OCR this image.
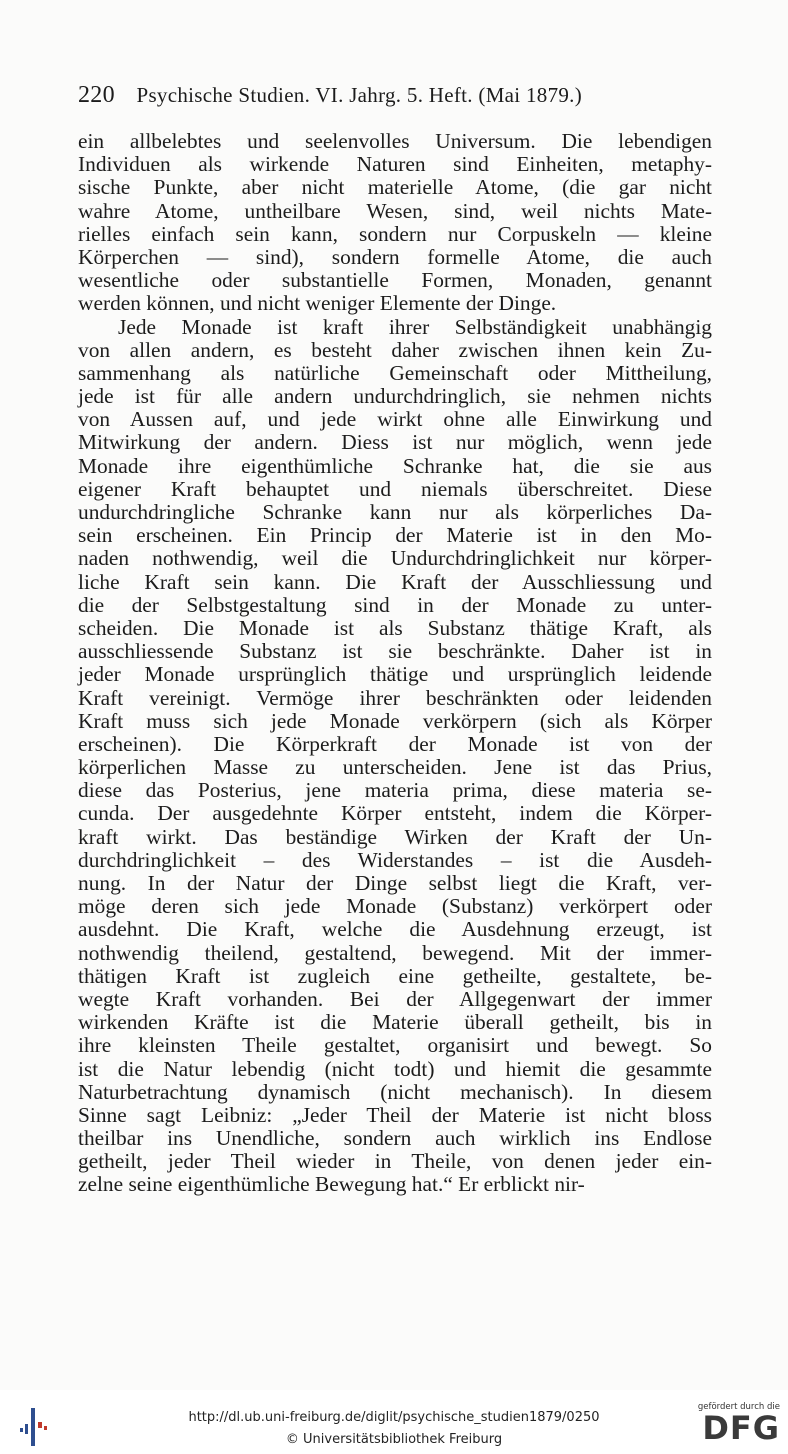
220 Psychische Studien. VI. Jahrg. 5. Heft. (Mai 1879.)
ein allbelebtes und seelenvolles Universum. Die lebendigen
Individuen als wirkende Naturen sind Einheiten, metaphy-
sische Punkte, aber nicht materielle Atome, (die gar nicht
wahre Atome, untheilbare Wesen, sind, weil nichts Mate-
rielles einfach sein kann, sondern nur Corpuskeln — kleine
Körperchen — sind), sondern formelle Atome, die auch
wesentliche oder substantielle Formen, Monaden, genannt
werden können, und nicht weniger Elemente der Dinge.
Jede Monade ist kraft ihrer Selbständigkeit unabhängig
von allen andern, es besteht daher zwischen ihnen kein Zu-
sammenhang als natürliche Gemeinschaft oder Mittheilung,
jede ist für alle andern undurchdringlich, sie nehmen nichts
von Aussen auf, und jede wirkt ohne alle Einwirkung und
Mitwirkung der andern. Diess ist nur möglich, wenn jede
Monade ihre eigenthümliche Schranke hat, die sie aus
eigener Kraft behauptet und niemals überschreitet. Diese
undurchdringliche Schranke kann nur als körperliches Da-
sein erscheinen. Ein Princip der Materie ist in den Mo-
naden nothwendig, weil die Undurchdringlichkeit nur körper-
liche Kraft sein kann. Die Kraft der Ausschliessung und
die der Selbstgestaltung sind in der Monade zu unter-
scheiden. Die Monade ist als Substanz thätige Kraft, als
ausschliessende Substanz ist sie beschränkte. Daher ist in
jeder Monade ursprünglich thätige und ursprünglich leidende
Kraft vereinigt. Vermöge ihrer beschränkten oder leidenden
Kraft muss sich jede Monade verkörpern (sich als Körper
erscheinen). Die Körperkraft der Monade ist von der
körperlichen Masse zu unterscheiden. Jene ist das Prius,
diese das Posterius, jene materia prima, diese materia se-
cunda. Der ausgedehnte Körper entsteht, indem die Körper-
kraft wirkt. Das beständige Wirken der Kraft der Un-
durchdringlichkeit – des Widerstandes – ist die Ausdeh-
nung. In der Natur der Dinge selbst liegt die Kraft, ver-
möge deren sich jede Monade (Substanz) verkörpert oder
ausdehnt. Die Kraft, welche die Ausdehnung erzeugt, ist
nothwendig theilend, gestaltend, bewegend. Mit der immer-
thätigen Kraft ist zugleich eine getheilte, gestaltete, be-
wegte Kraft vorhanden. Bei der Allgegenwart der immer
wirkenden Kräfte ist die Materie überall getheilt, bis in
ihre kleinsten Theile gestaltet, organisirt und bewegt. So
ist die Natur lebendig (nicht todt) und hiemit die gesammte
Naturbetrachtung dynamisch (nicht mechanisch). In diesem
Sinne sagt Leibniz: „Jeder Theil der Materie ist nicht bloss
theilbar ins Unendliche, sondern auch wirklich ins Endlose
getheilt, jeder Theil wieder in Theile, von denen jeder ein-
zelne seine eigenthümliche Bewegung hat.“ Er erblickt nir-
http://dl.ub.uni-freiburg.de/diglit/psychische_studien1879/0250
© Universitätsbibliothek Freiburg
gefördert durch die
DFG
